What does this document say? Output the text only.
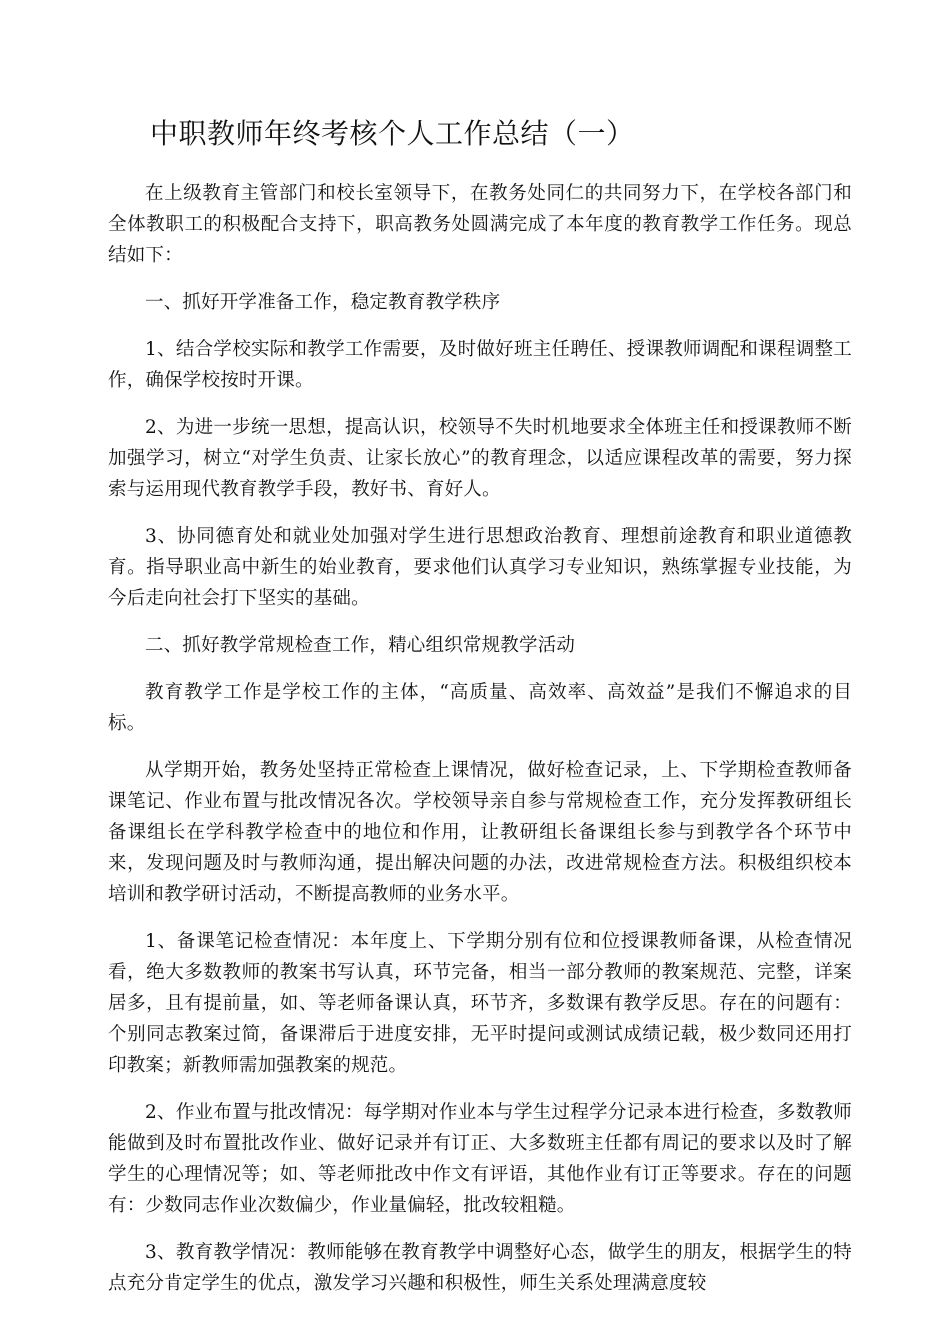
中职教师年终考核个人工作总结（一）

在上级教育主管部门和校长室领导下，在教务处同仁的共同努力下，在学校各部门和全体教职工的积极配合支持下，职高教务处圆满完成了本年度的教育教学工作任务。现总结如下：

一、抓好开学准备工作，稳定教育教学秩序

1、结合学校实际和教学工作需要，及时做好班主任聘任、授课教师调配和课程调整工作，确保学校按时开课。

2、为进一步统一思想，提高认识，校领导不失时机地要求全体班主任和授课教师不断加强学习，树立“对学生负责、让家长放心”的教育理念，以适应课程改革的需要，努力探索与运用现代教育教学手段，教好书、育好人。

3、协同德育处和就业处加强对学生进行思想政治教育、理想前途教育和职业道德教育。指导职业高中新生的始业教育，要求他们认真学习专业知识，熟练掌握专业技能，为今后走向社会打下坚实的基础。

二、抓好教学常规检查工作，精心组织常规教学活动

教育教学工作是学校工作的主体，“高质量、高效率、高效益”是我们不懈追求的目标。

从学期开始，教务处坚持正常检查上课情况，做好检查记录，上、下学期检查教师备课笔记、作业布置与批改情况各次。学校领导亲自参与常规检查工作，充分发挥教研组长备课组长在学科教学检查中的地位和作用，让教研组长备课组长参与到教学各个环节中来，发现问题及时与教师沟通，提出解决问题的办法，改进常规检查方法。积极组织校本培训和教学研讨活动，不断提高教师的业务水平。

1、备课笔记检查情况：本年度上、下学期分别有位和位授课教师备课，从检查情况看，绝大多数教师的教案书写认真，环节完备，相当一部分教师的教案规范、完整，详案居多，且有提前量，如、等老师备课认真，环节齐，多数课有教学反思。存在的问题有：个别同志教案过简，备课滞后于进度安排，无平时提问或测试成绩记载，极少数同还用打印教案；新教师需加强教案的规范。

2、作业布置与批改情况：每学期对作业本与学生过程学分记录本进行检查，多数教师能做到及时布置批改作业、做好记录并有订正、大多数班主任都有周记的要求以及时了解学生的心理情况等；如、等老师批改中作文有评语，其他作业有订正等要求。存在的问题有：少数同志作业次数偏少，作业量偏轻，批改较粗糙。

3、教育教学情况：教师能够在教育教学中调整好心态，做学生的朋友，根据学生的特点充分肯定学生的优点，激发学习兴趣和积极性，师生关系处理满意度较
